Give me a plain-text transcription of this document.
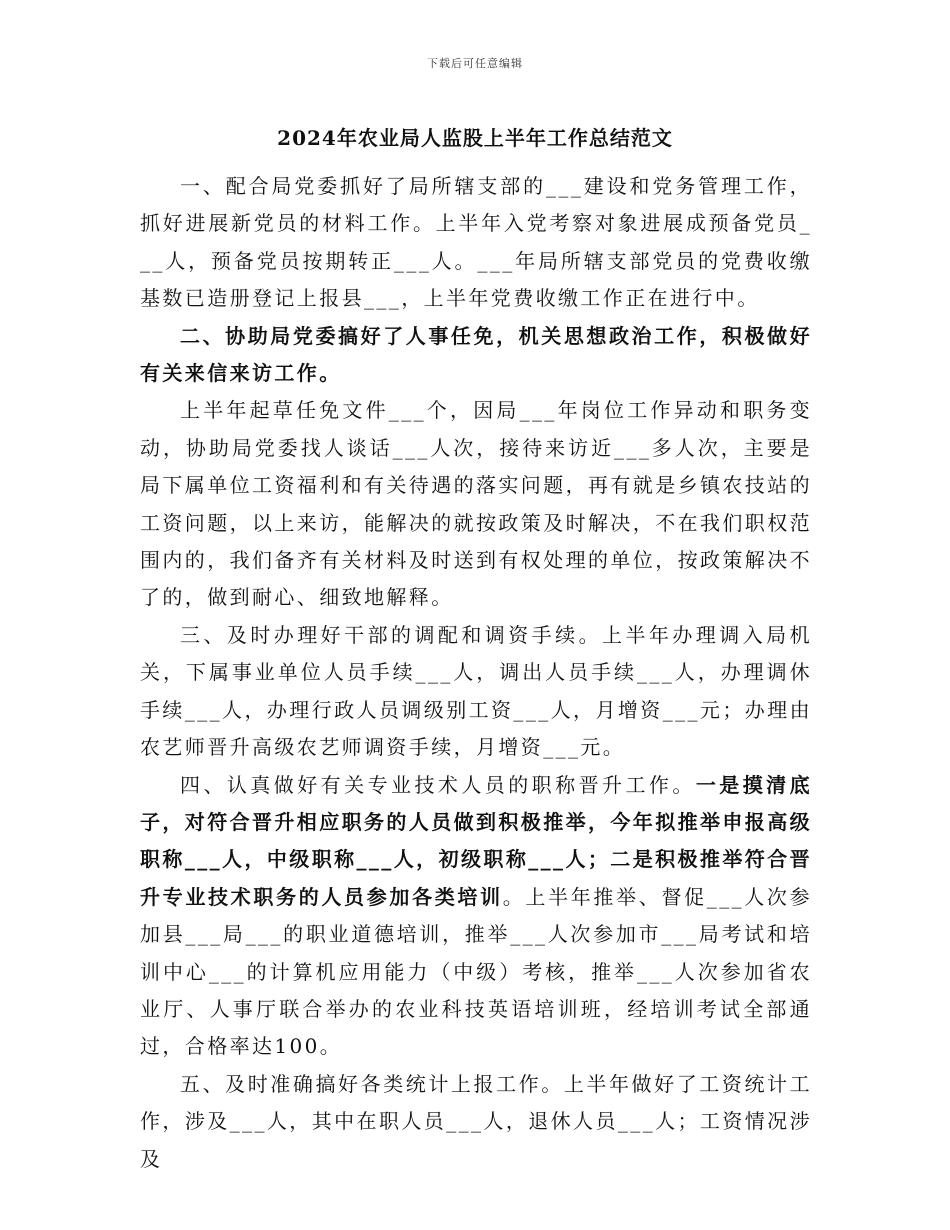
下载后可任意编辑
2024年农业局人监股上半年工作总结范文

一、配合局党委抓好了局所辖支部的___建设和党务管理工作，抓好进展新党员的材料工作。上半年入党考察对象进展成预备党员___人，预备党员按期转正___人。___年局所辖支部党员的党费收缴基数已造册登记上报县___，上半年党费收缴工作正在进行中。

二、协助局党委搞好了人事任免，机关思想政治工作，积极做好有关来信来访工作。

上半年起草任免文件___个，因局___年岗位工作异动和职务变动，协助局党委找人谈话___人次，接待来访近___多人次，主要是局下属单位工资福利和有关待遇的落实问题，再有就是乡镇农技站的工资问题，以上来访，能解决的就按政策及时解决，不在我们职权范围内的，我们备齐有关材料及时送到有权处理的单位，按政策解决不了的，做到耐心、细致地解释。

三、及时办理好干部的调配和调资手续。上半年办理调入局机关，下属事业单位人员手续___人，调出人员手续___人，办理调休手续___人，办理行政人员调级别工资___人，月增资___元；办理由农艺师晋升高级农艺师调资手续，月增资___元。

四、认真做好有关专业技术人员的职称晋升工作。一是摸清底子，对符合晋升相应职务的人员做到积极推举，今年拟推举申报高级职称___人，中级职称___人，初级职称___人；二是积极推举符合晋升专业技术职务的人员参加各类培训。上半年推举、督促___人次参加县___局___的职业道德培训，推举___人次参加市___局考试和培训中心___的计算机应用能力（中级）考核，推举___人次参加省农业厅、人事厅联合举办的农业科技英语培训班，经培训考试全部通过，合格率达100。

五、及时准确搞好各类统计上报工作。上半年做好了工资统计工作，涉及___人，其中在职人员___人，退休人员___人；工资情况涉及
